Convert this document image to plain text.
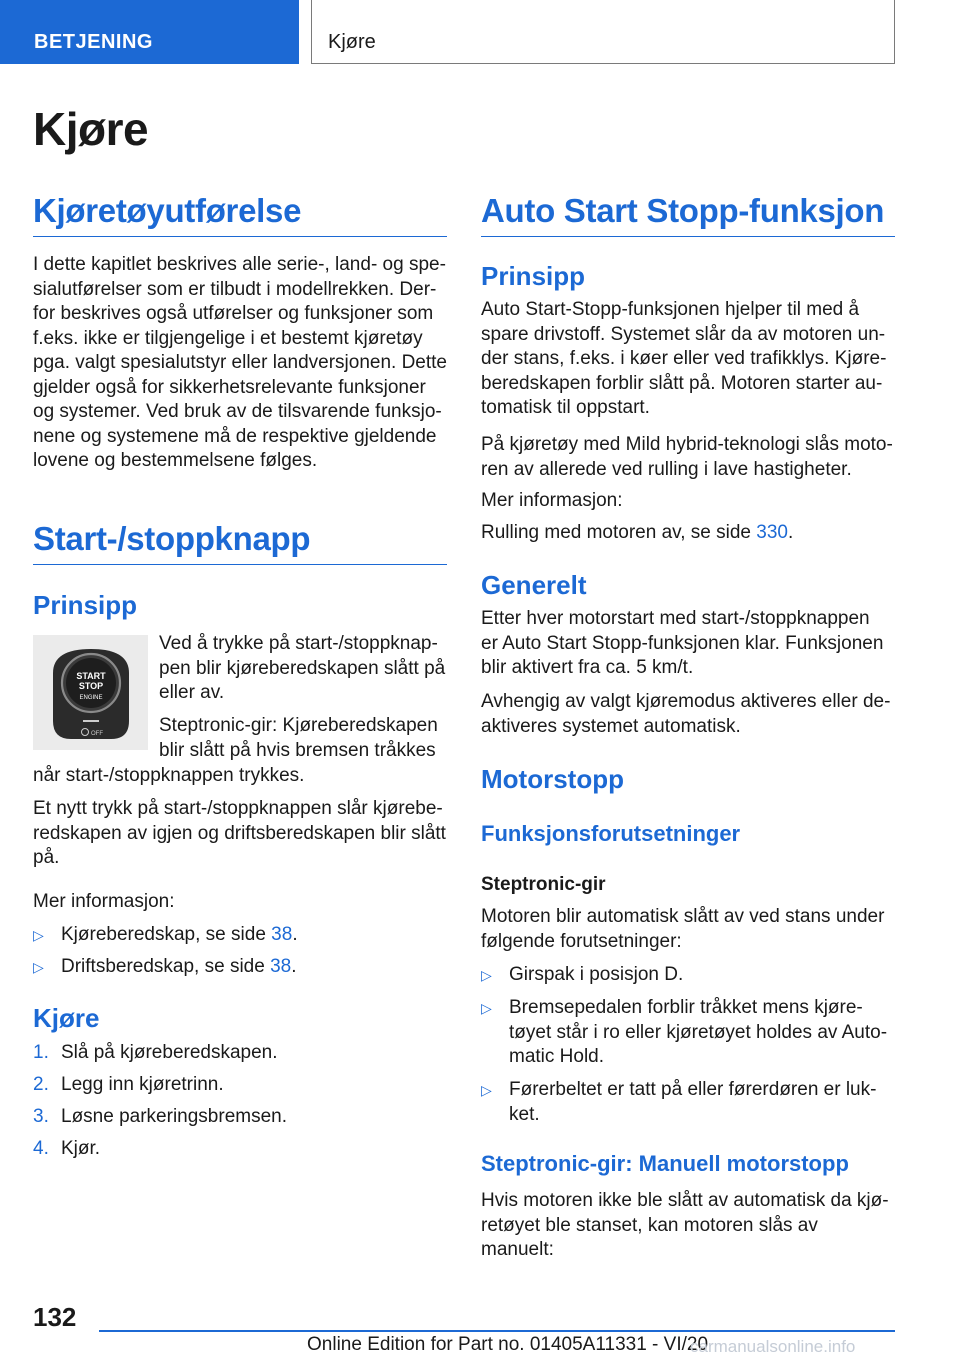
BETJENING	Kjøre
Kjøre
Kjøretøyutførelse
I dette kapitlet beskrives alle serie-, land- og spe-
sialutførelser som er tilbudt i modellrekken. Der-
for beskrives også utførelser og funksjoner som
f.eks. ikke er tilgjengelige i et bestemt kjøretøy
pga. valgt spesialutstyr eller landversjonen. Dette
gjelder også for sikkerhetsrelevante funksjoner
og systemer. Ved bruk av de tilsvarende funksjo-
nene og systemene må de respektive gjeldende
lovene og bestemmelsene følges.
Start-/stoppknapp
Prinsipp
START
STOP
ENGINE
OFF
Ved å trykke på start-/stoppknap-
pen blir kjøreberedskapen slått på
eller av.
Steptronic-gir: Kjøreberedskapen
blir slått på hvis bremsen tråkkes
når start-/stoppknappen trykkes.
Et nytt trykk på start-/stoppknappen slår kjørebe-
redskapen av igjen og driftsberedskapen blir slått
på.
Mer informasjon:
▷ Kjøreberedskap, se side 38.
▷ Driftsberedskap, se side 38.
Kjøre
1. Slå på kjøreberedskapen.
2. Legg inn kjøretrinn.
3. Løsne parkeringsbremsen.
4. Kjør.
Auto Start Stopp-funksjon
Prinsipp
Auto Start-Stopp-funksjonen hjelper til med å
spare drivstoff. Systemet slår da av motoren un-
der stans, f.eks. i køer eller ved trafikklys. Kjøre-
beredskapen forblir slått på. Motoren starter au-
tomatisk til oppstart.
På kjøretøy med Mild hybrid-teknologi slås moto-
ren av allerede ved rulling i lave hastigheter.
Mer informasjon:
Rulling med motoren av, se side 330.
Generelt
Etter hver motorstart med start-/stoppknappen
er Auto Start Stopp-funksjonen klar. Funksjonen
blir aktivert fra ca. 5 km/t.
Avhengig av valgt kjøremodus aktiveres eller de-
aktiveres systemet automatisk.
Motorstopp
Funksjonsforutsetninger
Steptronic-gir
Motoren blir automatisk slått av ved stans under
følgende forutsetninger:
▷ Girspak i posisjon D.
▷ Bremsepedalen forblir tråkket mens kjøre-
tøyet står i ro eller kjøretøyet holdes av Auto-
matic Hold.
▷ Førerbeltet er tatt på eller førerdøren er luk-
ket.
Steptronic-gir: Manuell motorstopp
Hvis motoren ikke ble slått av automatisk da kjø-
retøyet ble stanset, kan motoren slås av manuelt:
132
Online Edition for Part no. 01405A11331 - VI/20
carmanualsonline.info
